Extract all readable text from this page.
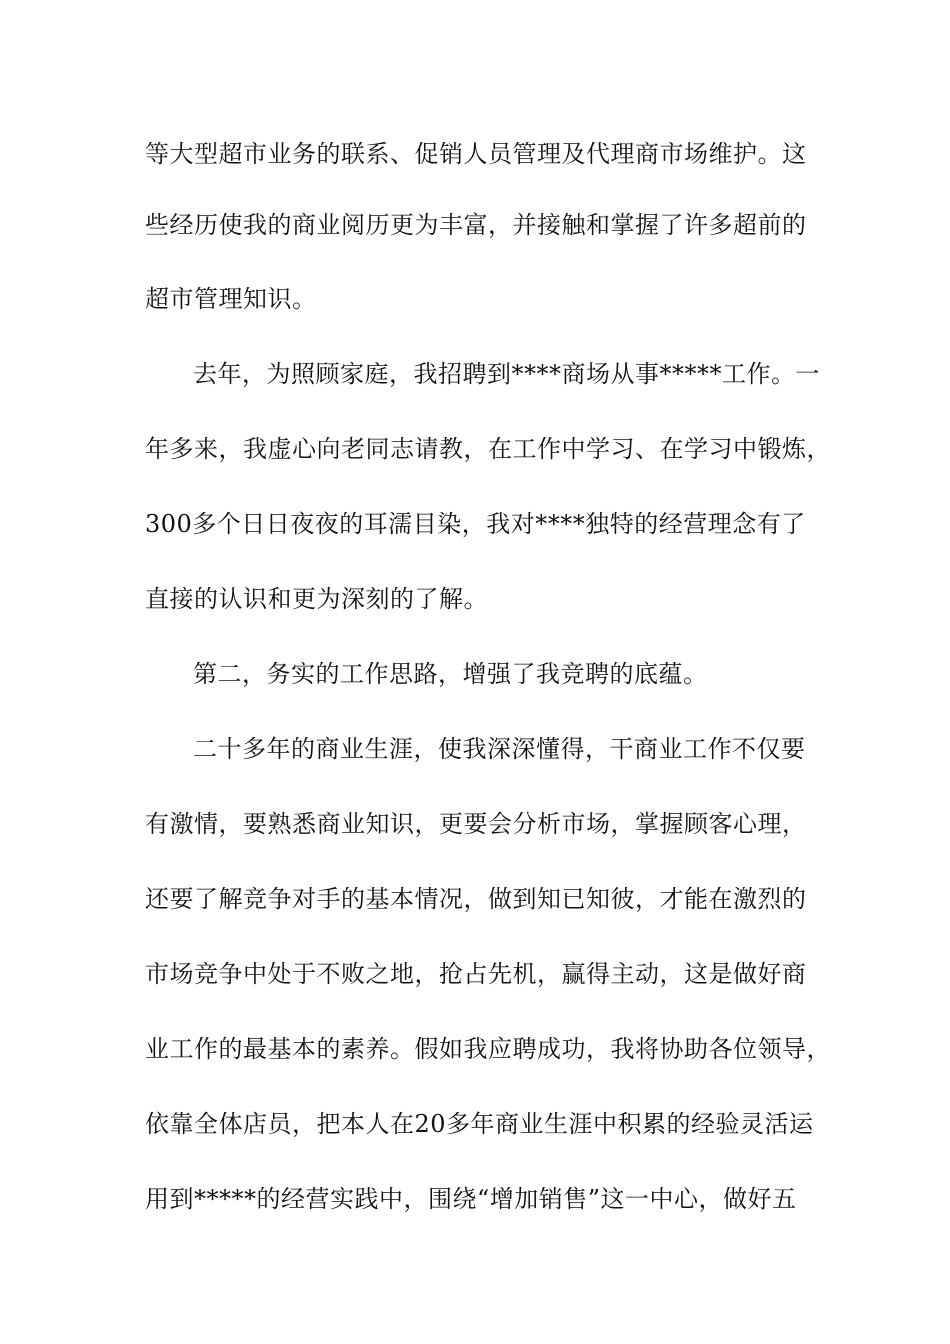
等大型超市业务的联系、促销人员管理及代理商市场维护。这
些经历使我的商业阅历更为丰富，并接触和掌握了许多超前的
超市管理知识。
去年，为照顾家庭，我招聘到****商场从事*****工作。一
年多来，我虚心向老同志请教，在工作中学习、在学习中锻炼，
300多个日日夜夜的耳濡目染，我对****独特的经营理念有了
直接的认识和更为深刻的了解。
第二，务实的工作思路，增强了我竞聘的底蕴。
二十多年的商业生涯，使我深深懂得，干商业工作不仅要
有激情，要熟悉商业知识，更要会分析市场，掌握顾客心理，
还要了解竞争对手的基本情况，做到知已知彼，才能在激烈的
市场竞争中处于不败之地，抢占先机，赢得主动，这是做好商
业工作的最基本的素养。假如我应聘成功，我将协助各位领导，
依靠全体店员，把本人在20多年商业生涯中积累的经验灵活运
用到*****的经营实践中，围绕“增加销售”这一中心，做好五
